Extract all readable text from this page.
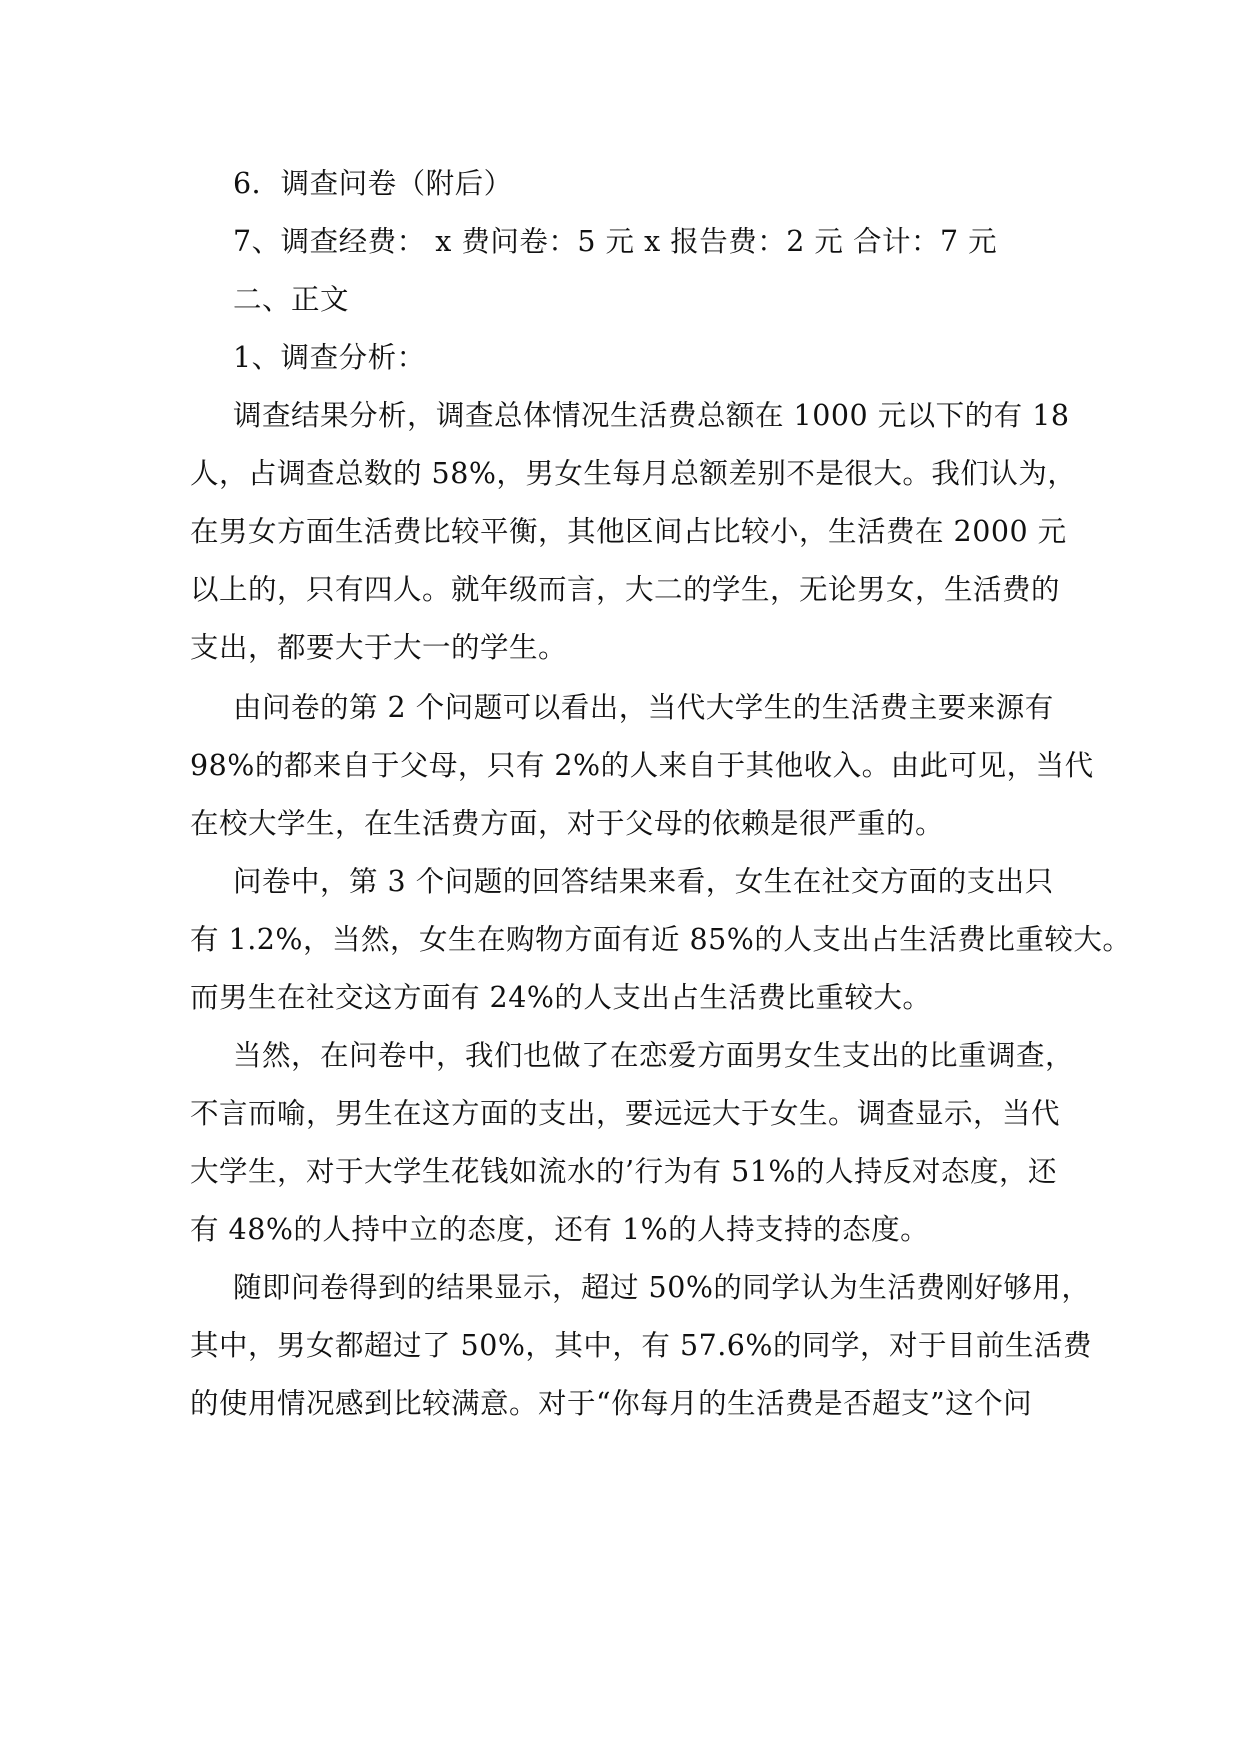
6．调查问卷（附后）
7、调查经费： x 费问卷：5 元 x 报告费：2 元 合计：7 元
二、正文
1、调查分析：
调查结果分析，调查总体情况生活费总额在 1000 元以下的有 18
人，占调查总数的 58%，男女生每月总额差别不是很大。我们认为，
在男女方面生活费比较平衡，其他区间占比较小，生活费在 2000 元
以上的，只有四人。就年级而言，大二的学生，无论男女，生活费的
支出，都要大于大一的学生。
由问卷的第 2 个问题可以看出，当代大学生的生活费主要来源有
98%的都来自于父母，只有 2%的人来自于其他收入。由此可见，当代
在校大学生，在生活费方面，对于父母的依赖是很严重的。
问卷中，第 3 个问题的回答结果来看，女生在社交方面的支出只
有 1.2%，当然，女生在购物方面有近 85%的人支出占生活费比重较大。
而男生在社交这方面有 24%的人支出占生活费比重较大。
当然，在问卷中，我们也做了在恋爱方面男女生支出的比重调查，
不言而喻，男生在这方面的支出，要远远大于女生。调查显示，当代
大学生，对于大学生花钱如流水的’行为有 51%的人持反对态度，还
有 48%的人持中立的态度，还有 1%的人持支持的态度。
随即问卷得到的结果显示，超过 50%的同学认为生活费刚好够用，
其中，男女都超过了 50%，其中，有 57.6%的同学，对于目前生活费
的使用情况感到比较满意。对于“你每月的生活费是否超支”这个问
